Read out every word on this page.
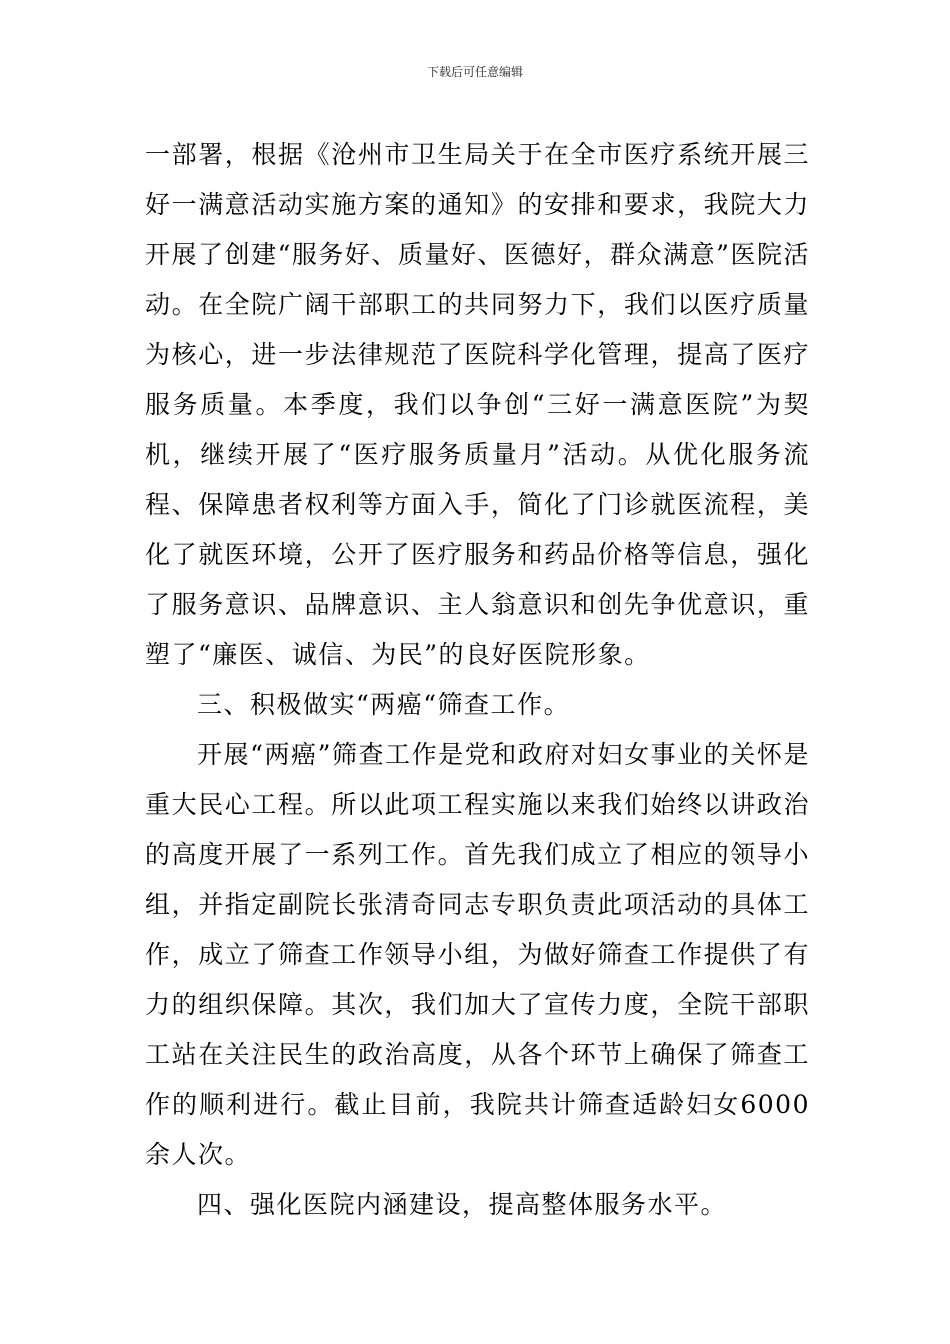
下载后可任意编辑

一部署，根据《沧州市卫生局关于在全市医疗系统开展三好一满意活动实施方案的通知》的安排和要求，我院大力开展了创建“服务好、质量好、医德好，群众满意”医院活动。在全院广阔干部职工的共同努力下，我们以医疗质量为核心，进一步法律规范了医院科学化管理，提高了医疗服务质量。本季度，我们以争创“三好一满意医院”为契机，继续开展了“医疗服务质量月”活动。从优化服务流程、保障患者权利等方面入手，简化了门诊就医流程，美化了就医环境，公开了医疗服务和药品价格等信息，强化了服务意识、品牌意识、主人翁意识和创先争优意识，重塑了“廉医、诚信、为民”的良好医院形象。

三、积极做实“两癌“筛查工作。

开展“两癌”筛查工作是党和政府对妇女事业的关怀是重大民心工程。所以此项工程实施以来我们始终以讲政治的高度开展了一系列工作。首先我们成立了相应的领导小组，并指定副院长张清奇同志专职负责此项活动的具体工作，成立了筛查工作领导小组，为做好筛查工作提供了有力的组织保障。其次，我们加大了宣传力度，全院干部职工站在关注民生的政治高度，从各个环节上确保了筛查工作的顺利进行。截止目前，我院共计筛查适龄妇女6000余人次。

四、强化医院内涵建设，提高整体服务水平。
